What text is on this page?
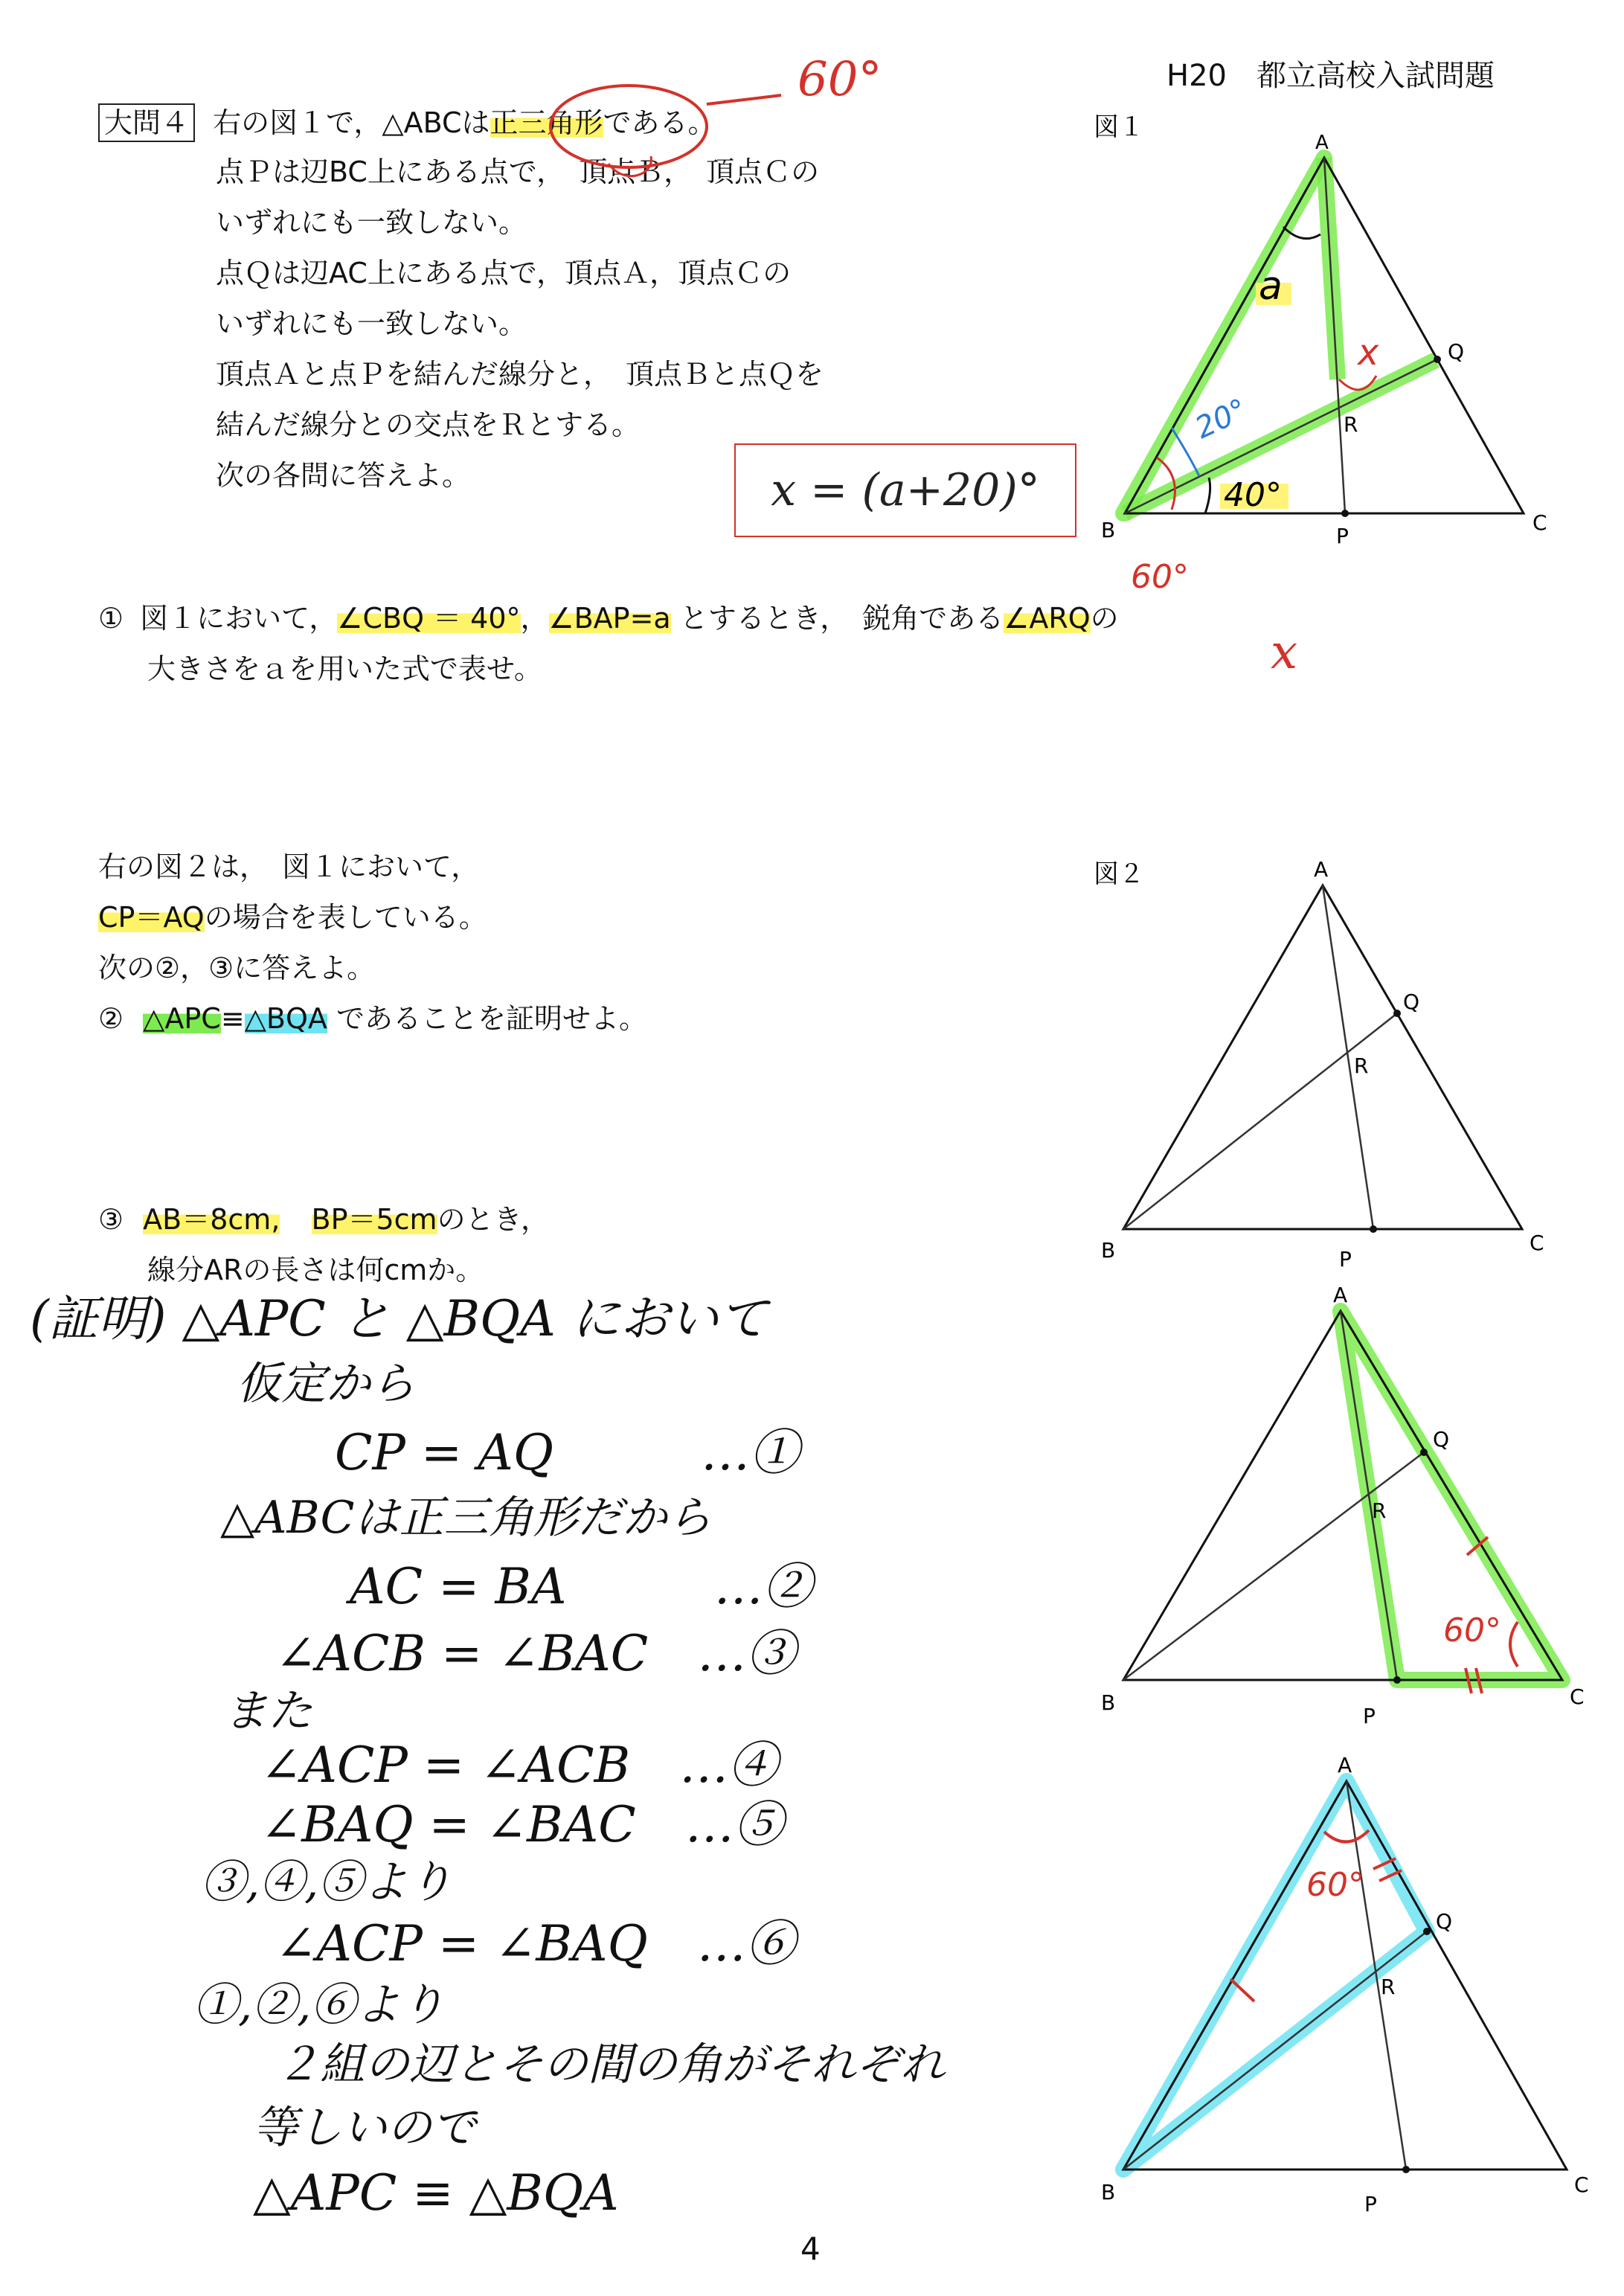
H20　都立高校入試問題
大問４ 右の図１で，△ABCは正三角形である。
点Ｐは辺BC上にある点で，　頂点Ｂ，　頂点Ｃの
いずれにも一致しない。
点Ｑは辺AC上にある点で，頂点Ａ，頂点Ｃの
いずれにも一致しない。
頂点Ａと点Ｐを結んだ線分と，　頂点Ｂと点Ｑを
結んだ線分との交点をＲとする。
次の各問に答えよ。
60°
x = (a+20)°
① 図１において，∠CBQ ＝ 40°，∠BAP=a とするとき，　鋭角である∠ARQの
大きさをａを用いた式で表せ。	x
右の図２は，　図１において，
CP＝AQの場合を表している。
次の②，③に答えよ。
② △APC≡△BQA であることを証明せよ。
③ AB＝8cm, BP＝5cmのとき，
線分ARの長さは何cmか。
(証明) △APC と △BQA において
仮定から
CP = AQ　　　…①
△ABCは正三角形だから
AC = BA　　　…②
∠ACB = ∠BAC　…③
また
∠ACP = ∠ACB　…④
∠BAQ = ∠BAC　…⑤
③,④,⑤より
∠ACP = ∠BAQ　…⑥
①,②,⑥より
２組の辺とその間の角がそれぞれ
等しいので
△APC ≡ △BQA
4
図１
A
B	C
P
Q
R
a
x
20°
40°
60°
図２	A
B	C
P
Q
R
A
B	C
P
Q
R
60°
A
B	C
P
Q
R
60°
